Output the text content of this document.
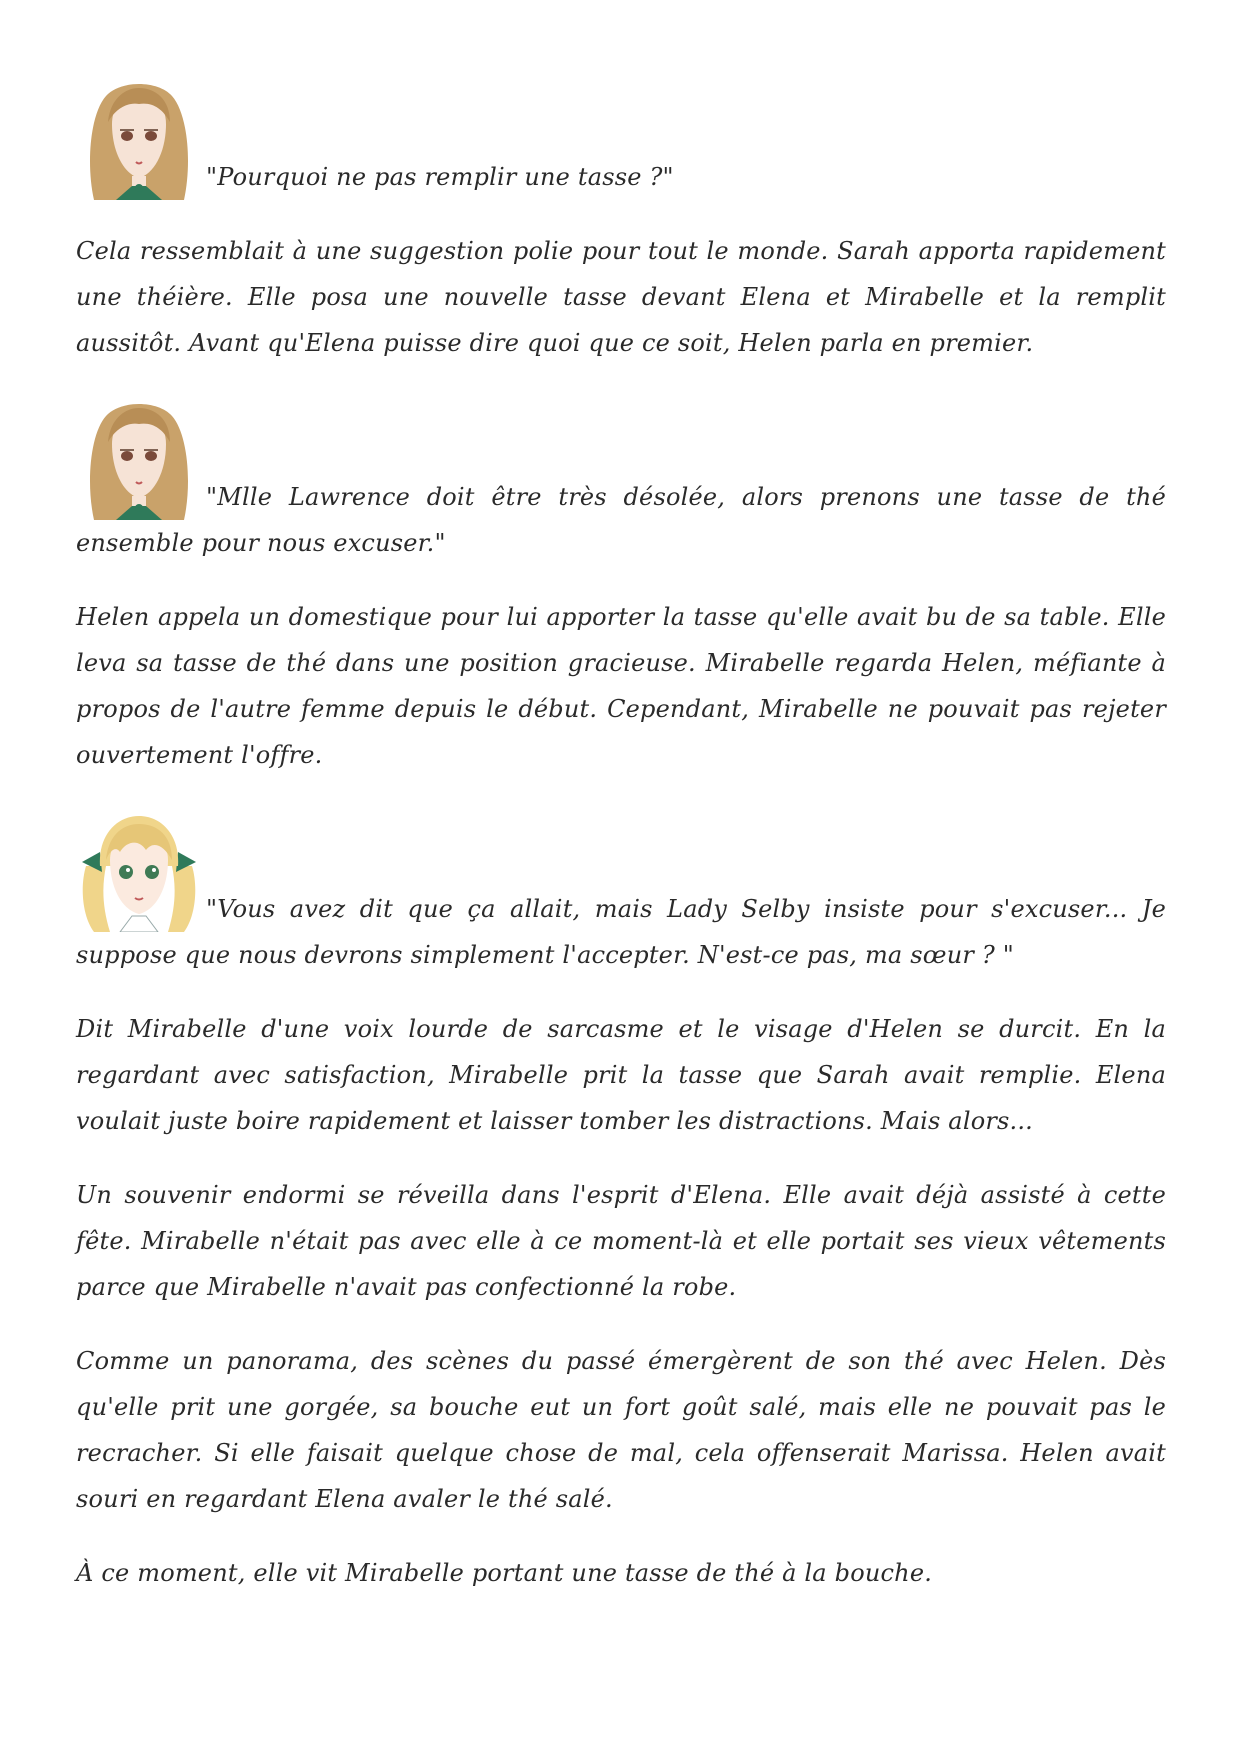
"Pourquoi ne pas remplir une tasse ?"

Cela ressemblait à une suggestion polie pour tout le monde. Sarah apporta rapidement une théière. Elle posa une nouvelle tasse devant Elena et Mirabelle et la remplit aussitôt. Avant qu'Elena puisse dire quoi que ce soit, Helen parla en premier.

"Mlle Lawrence doit être très désolée, alors prenons une tasse de thé ensemble pour nous excuser."

Helen appela un domestique pour lui apporter la tasse qu'elle avait bu de sa table. Elle leva sa tasse de thé dans une position gracieuse. Mirabelle regarda Helen, méfiante à propos de l'autre femme depuis le début. Cependant, Mirabelle ne pouvait pas rejeter ouvertement l'offre.

"Vous avez dit que ça allait, mais Lady Selby insiste pour s'excuser... Je suppose que nous devrons simplement l'accepter. N'est-ce pas, ma sœur ? "

Dit Mirabelle d'une voix lourde de sarcasme et le visage d'Helen se durcit. En la regardant avec satisfaction, Mirabelle prit la tasse que Sarah avait remplie. Elena voulait juste boire rapidement et laisser tomber les distractions. Mais alors...

Un souvenir endormi se réveilla dans l'esprit d'Elena. Elle avait déjà assisté à cette fête. Mirabelle n'était pas avec elle à ce moment-là et elle portait ses vieux vêtements parce que Mirabelle n'avait pas confectionné la robe.

Comme un panorama, des scènes du passé émergèrent de son thé avec Helen. Dès qu'elle prit une gorgée, sa bouche eut un fort goût salé, mais elle ne pouvait pas le recracher. Si elle faisait quelque chose de mal, cela offenserait Marissa. Helen avait souri en regardant Elena avaler le thé salé.

À ce moment, elle vit Mirabelle portant une tasse de thé à la bouche.
